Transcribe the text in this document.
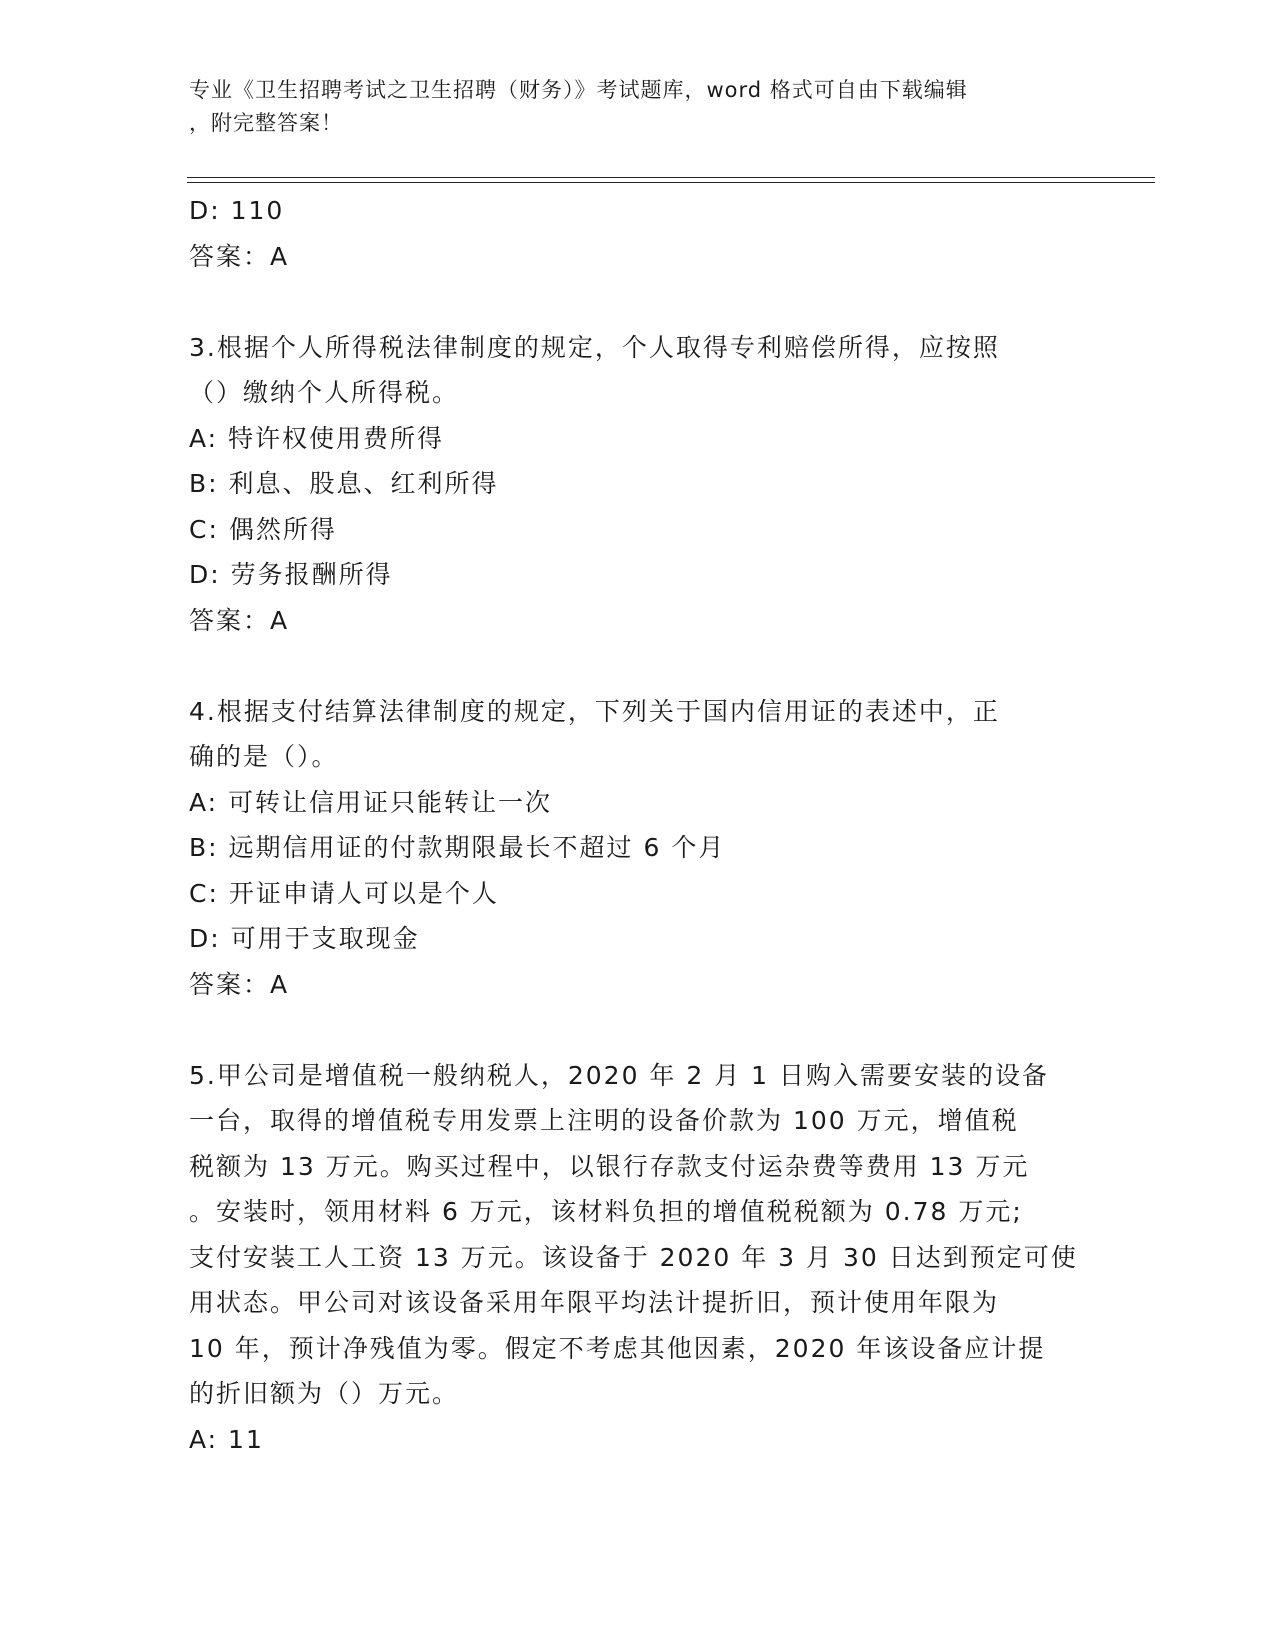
专业《卫生招聘考试之卫生招聘（财务）》考试题库，word 格式可自由下载编辑
，附完整答案！
D: 110
答案：A
3.根据个人所得税法律制度的规定，个人取得专利赔偿所得，应按照
（）缴纳个人所得税。
A: 特许权使用费所得
B: 利息、股息、红利所得
C: 偶然所得
D: 劳务报酬所得
答案：A
4.根据支付结算法律制度的规定，下列关于国内信用证的表述中，正
确的是（）。
A: 可转让信用证只能转让一次
B: 远期信用证的付款期限最长不超过 6 个月
C: 开证申请人可以是个人
D: 可用于支取现金
答案：A
5.甲公司是增值税一般纳税人，2020 年 2 月 1 日购入需要安装的设备
一台，取得的增值税专用发票上注明的设备价款为 100 万元，增值税
税额为 13 万元。购买过程中，以银行存款支付运杂费等费用 13 万元
。安装时，领用材料 6 万元，该材料负担的增值税税额为 0.78 万元;
支付安装工人工资 13 万元。该设备于 2020 年 3 月 30 日达到预定可使
用状态。甲公司对该设备采用年限平均法计提折旧，预计使用年限为
10 年，预计净残值为零。假定不考虑其他因素，2020 年该设备应计提
的折旧额为（）万元。
A: 11
